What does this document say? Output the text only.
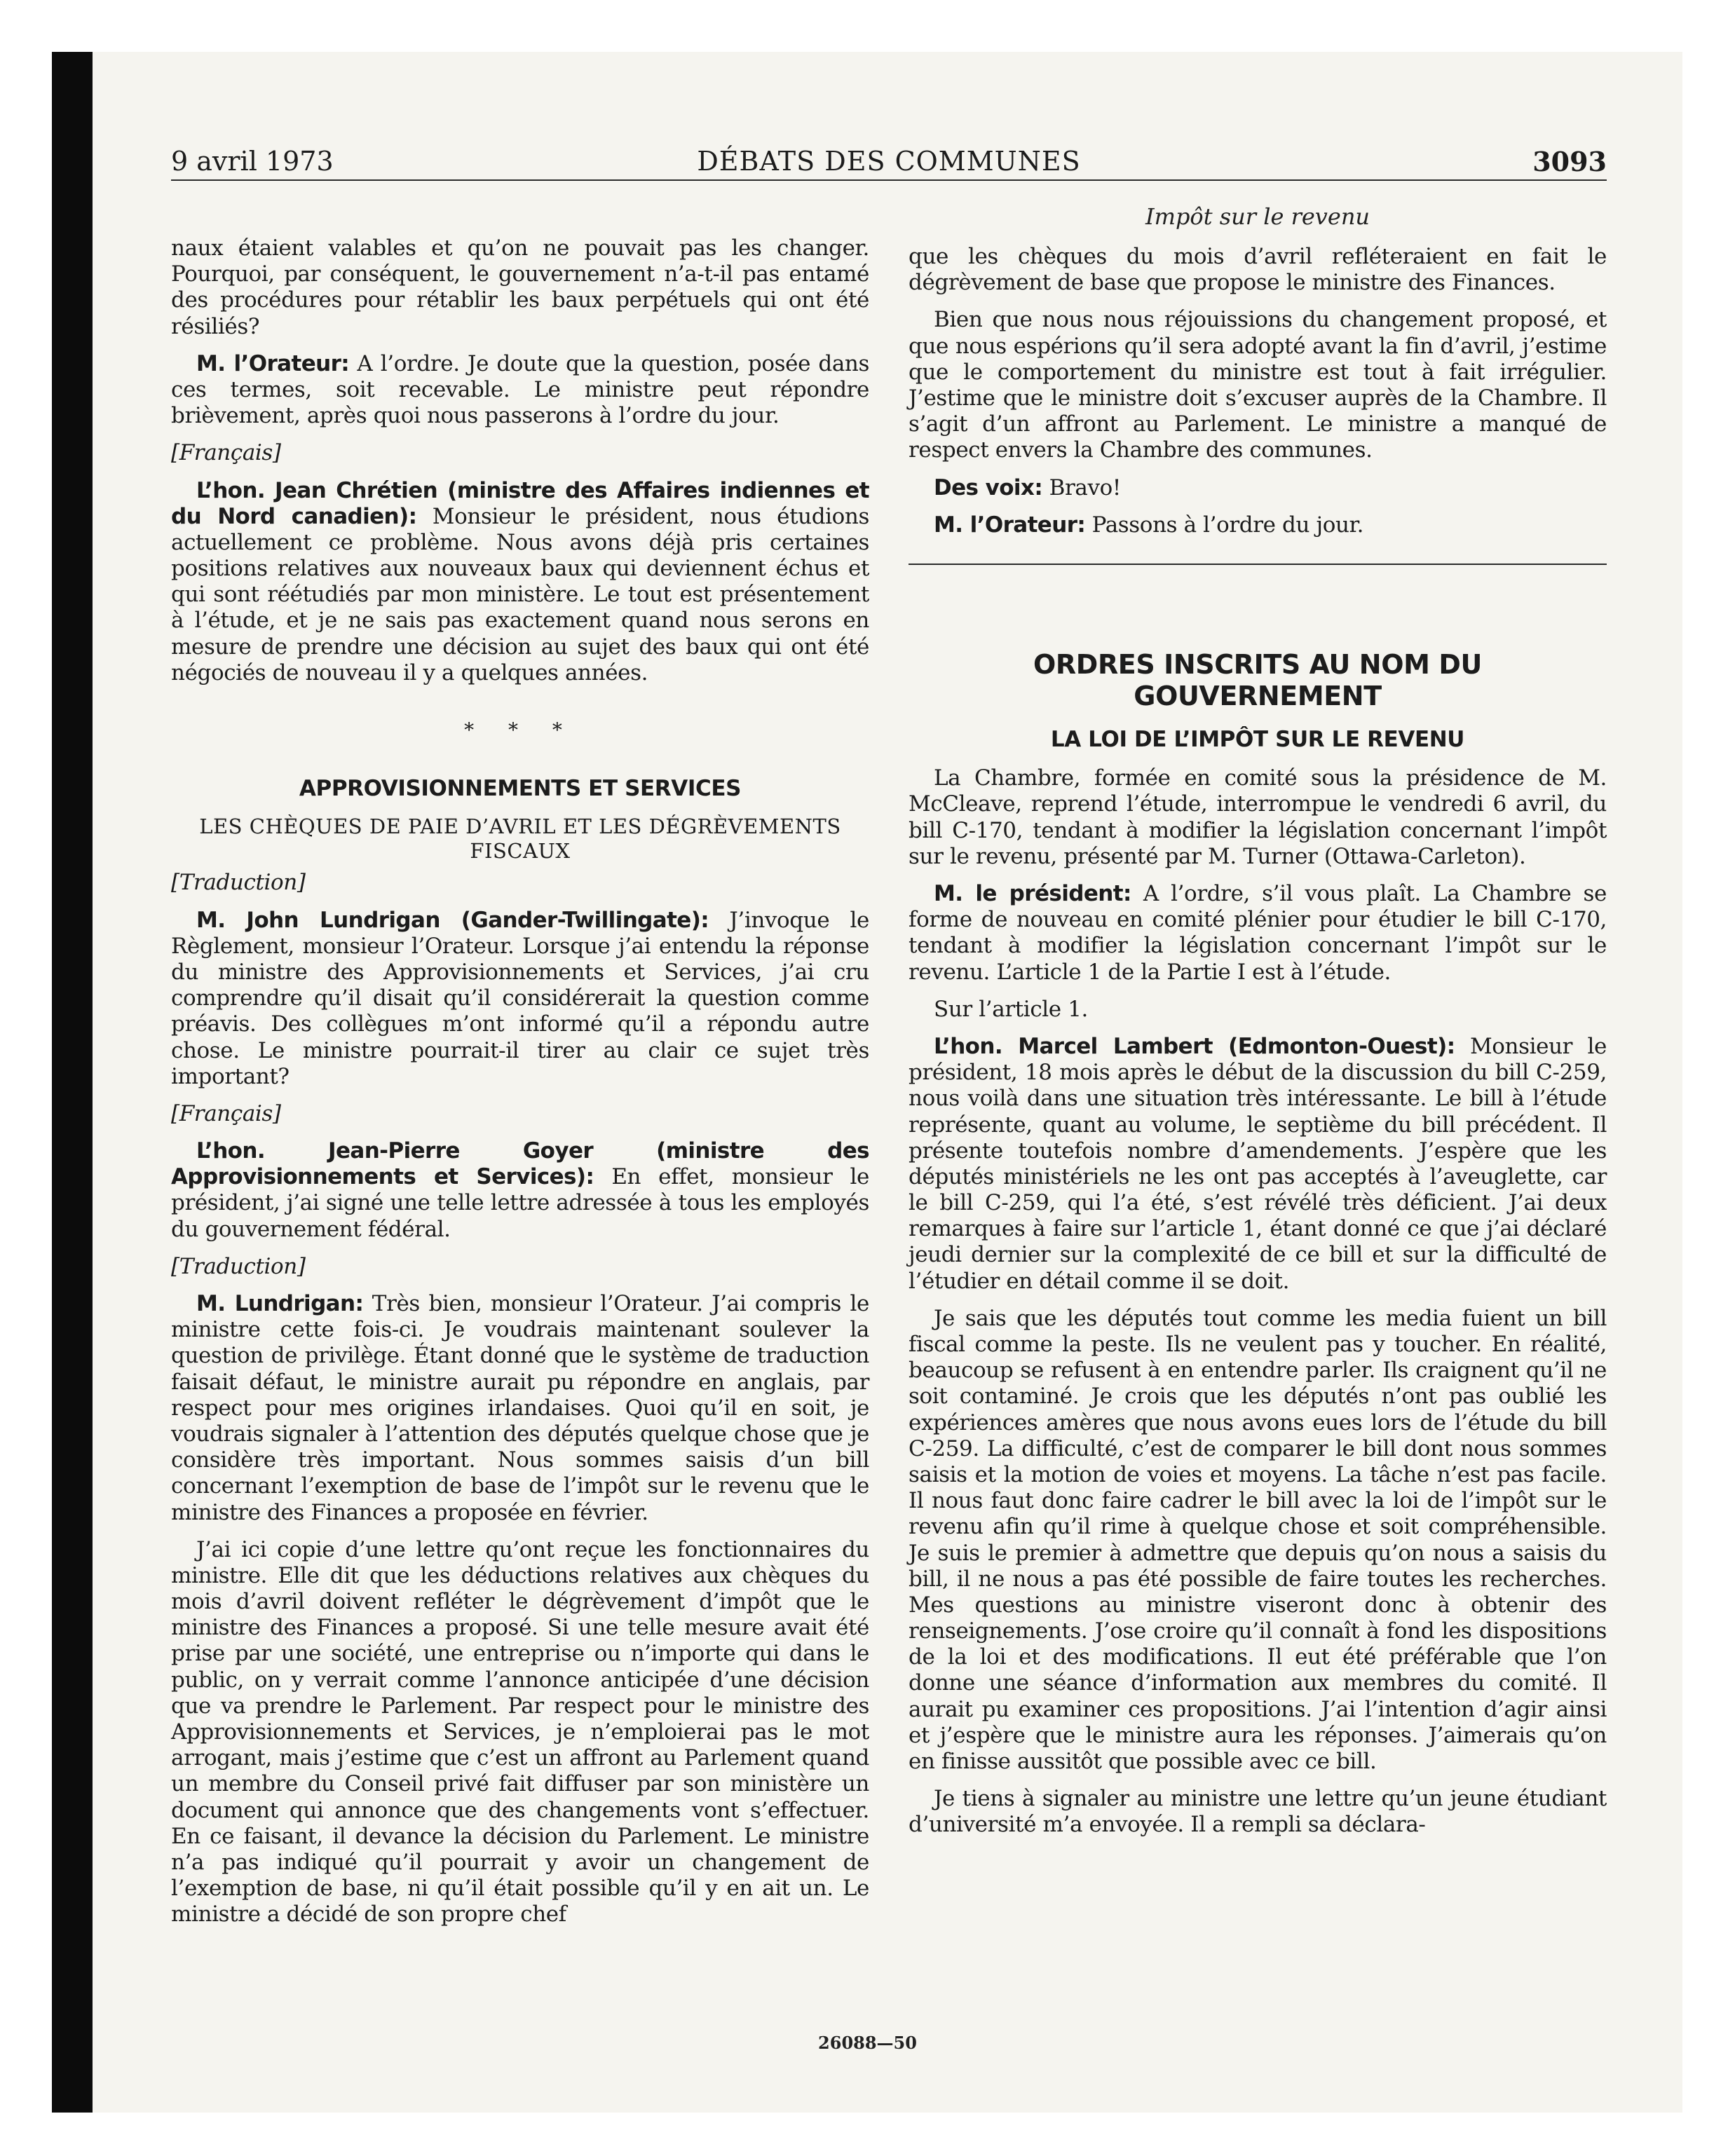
9 avril 1973	DÉBATS DES COMMUNES	3093
Impôt sur le revenu

naux étaient valables et qu’on ne pouvait pas les changer. Pourquoi, par conséquent, le gouvernement n’a-t-il pas entamé des procédures pour rétablir les baux perpétuels qui ont été résiliés?

M. l’Orateur: A l’ordre. Je doute que la question, posée dans ces termes, soit recevable. Le ministre peut répondre brièvement, après quoi nous passerons à l’ordre du jour.

[Français]

L’hon. Jean Chrétien (ministre des Affaires indiennes et du Nord canadien): Monsieur le président, nous étudions actuellement ce problème. Nous avons déjà pris certaines positions relatives aux nouveaux baux qui deviennent échus et qui sont réétudiés par mon ministère. Le tout est présentement à l’étude, et je ne sais pas exactement quand nous serons en mesure de prendre une décision au sujet des baux qui ont été négociés de nouveau il y a quelques années.

* * *
APPROVISIONNEMENTS ET SERVICES
LES CHÈQUES DE PAIE D’AVRIL ET LES DÉGRÈVEMENTS FISCAUX

[Traduction]

M. John Lundrigan (Gander-Twillingate): J’invoque le Règlement, monsieur l’Orateur. Lorsque j’ai entendu la réponse du ministre des Approvisionnements et Services, j’ai cru comprendre qu’il disait qu’il considérerait la question comme préavis. Des collègues m’ont informé qu’il a répondu autre chose. Le ministre pourrait-il tirer au clair ce sujet très important?

[Français]

L’hon. Jean-Pierre Goyer (ministre des Approvisionnements et Services): En effet, monsieur le président, j’ai signé une telle lettre adressée à tous les employés du gouvernement fédéral.

[Traduction]

M. Lundrigan: Très bien, monsieur l’Orateur. J’ai compris le ministre cette fois-ci. Je voudrais maintenant soulever la question de privilège. Étant donné que le système de traduction faisait défaut, le ministre aurait pu répondre en anglais, par respect pour mes origines irlandaises. Quoi qu’il en soit, je voudrais signaler à l’attention des députés quelque chose que je considère très important. Nous sommes saisis d’un bill concernant l’exemption de base de l’impôt sur le revenu que le ministre des Finances a proposée en février.

J’ai ici copie d’une lettre qu’ont reçue les fonctionnaires du ministre. Elle dit que les déductions relatives aux chèques du mois d’avril doivent refléter le dégrèvement d’impôt que le ministre des Finances a proposé. Si une telle mesure avait été prise par une société, une entreprise ou n’importe qui dans le public, on y verrait comme l’annonce anticipée d’une décision que va prendre le Parlement. Par respect pour le ministre des Approvisionnements et Services, je n’emploierai pas le mot arrogant, mais j’estime que c’est un affront au Parlement quand un membre du Conseil privé fait diffuser par son ministère un document qui annonce que des changements vont s’effectuer. En ce faisant, il devance la décision du Parlement. Le ministre n’a pas indiqué qu’il pourrait y avoir un changement de l’exemption de base, ni qu’il était possible qu’il y en ait un. Le ministre a décidé de son propre chef

que les chèques du mois d’avril refléteraient en fait le dégrèvement de base que propose le ministre des Finances.

Bien que nous nous réjouissions du changement proposé, et que nous espérions qu’il sera adopté avant la fin d’avril, j’estime que le comportement du ministre est tout à fait irrégulier. J’estime que le ministre doit s’excuser auprès de la Chambre. Il s’agit d’un affront au Parlement. Le ministre a manqué de respect envers la Chambre des communes.

Des voix: Bravo!

M. l’Orateur: Passons à l’ordre du jour.

ORDRES INSCRITS AU NOM DU GOUVERNEMENT
LA LOI DE L’IMPÔT SUR LE REVENU

La Chambre, formée en comité sous la présidence de M. McCleave, reprend l’étude, interrompue le vendredi 6 avril, du bill C-170, tendant à modifier la législation concernant l’impôt sur le revenu, présenté par M. Turner (Ottawa-Carleton).

M. le président: A l’ordre, s’il vous plaît. La Chambre se forme de nouveau en comité plénier pour étudier le bill C-170, tendant à modifier la législation concernant l’impôt sur le revenu. L’article 1 de la Partie I est à l’étude.

Sur l’article 1.

L’hon. Marcel Lambert (Edmonton-Ouest): Monsieur le président, 18 mois après le début de la discussion du bill C-259, nous voilà dans une situation très intéressante. Le bill à l’étude représente, quant au volume, le septième du bill précédent. Il présente toutefois nombre d’amendements. J’espère que les députés ministériels ne les ont pas acceptés à l’aveuglette, car le bill C-259, qui l’a été, s’est révélé très déficient. J’ai deux remarques à faire sur l’article 1, étant donné ce que j’ai déclaré jeudi dernier sur la complexité de ce bill et sur la difficulté de l’étudier en détail comme il se doit.

Je sais que les députés tout comme les media fuient un bill fiscal comme la peste. Ils ne veulent pas y toucher. En réalité, beaucoup se refusent à en entendre parler. Ils craignent qu’il ne soit contaminé. Je crois que les députés n’ont pas oublié les expériences amères que nous avons eues lors de l’étude du bill C-259. La difficulté, c’est de comparer le bill dont nous sommes saisis et la motion de voies et moyens. La tâche n’est pas facile. Il nous faut donc faire cadrer le bill avec la loi de l’impôt sur le revenu afin qu’il rime à quelque chose et soit compréhensible. Je suis le premier à admettre que depuis qu’on nous a saisis du bill, il ne nous a pas été possible de faire toutes les recherches. Mes questions au ministre viseront donc à obtenir des renseignements. J’ose croire qu’il connaît à fond les dispositions de la loi et des modifications. Il eut été préférable que l’on donne une séance d’information aux membres du comité. Il aurait pu examiner ces propositions. J’ai l’intention d’agir ainsi et j’espère que le ministre aura les réponses. J’aimerais qu’on en finisse aussitôt que possible avec ce bill.

Je tiens à signaler au ministre une lettre qu’un jeune étudiant d’université m’a envoyée. Il a rempli sa déclara-

26088—50
